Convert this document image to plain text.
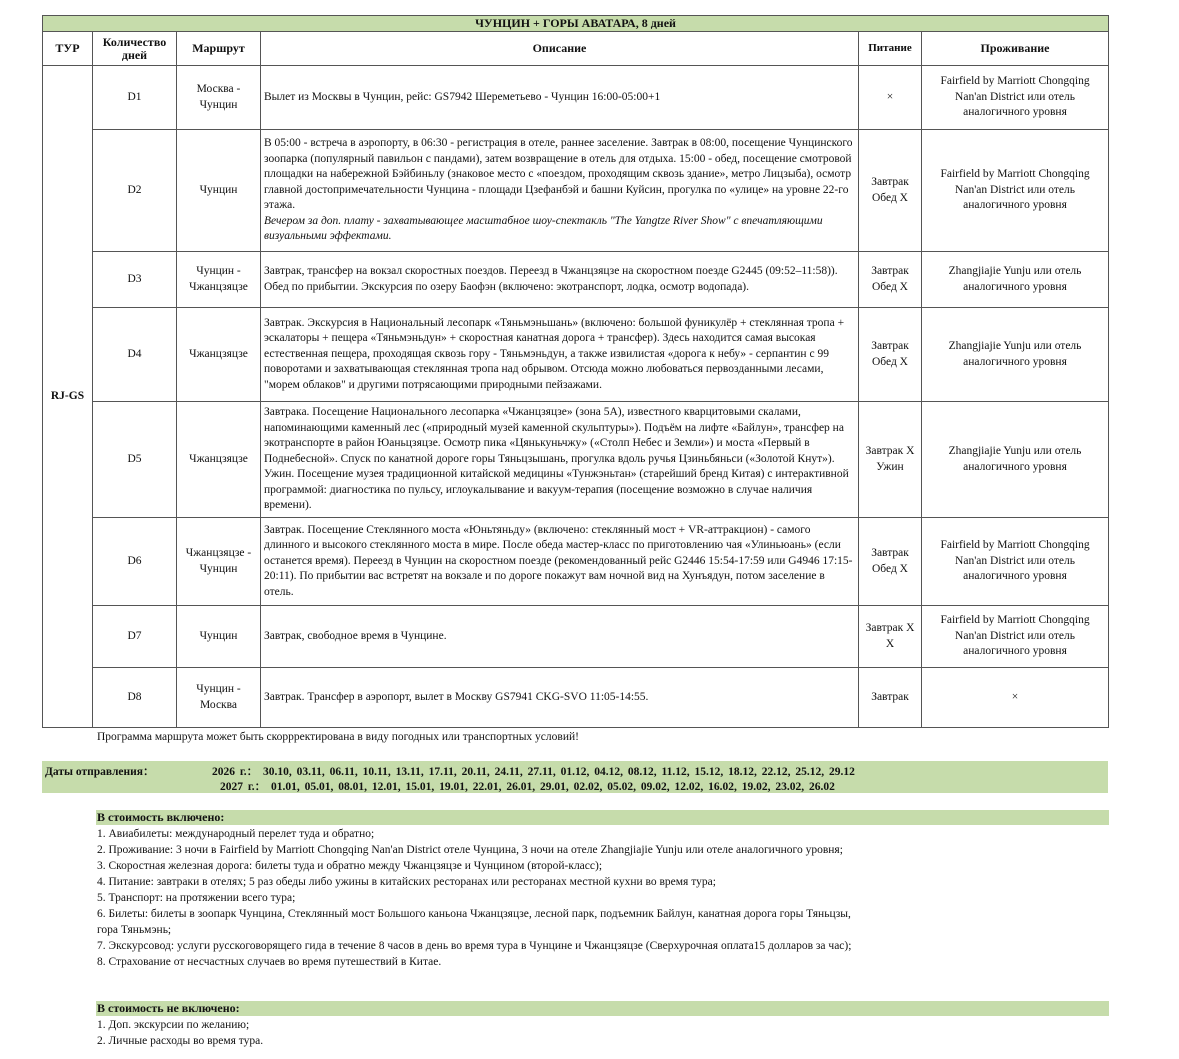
ЧУНЦИН + ГОРЫ АВАТАРА, 8 дней					
ТУР	Количество дней	Маршрут	Описание	Питание	Проживание
RJ-GS	D1	Москва - Чунцин	Вылет из Москвы в Чунцин, рейс: GS7942 Шереметьево - Чунцин 16:00-05:00+1	×	Fairfield by Marriott Chongqing Nan'an District или отель аналогичного уровня
	D2	Чунцин	В 05:00 - встреча в аэропорту, в 06:30 - регистрация в отеле, раннее заселение. Завтрак в 08:00, посещение Чунцинского зоопарка (популярный павильон с пандами), затем возвращение в отель для отдыха. 15:00 - обед, посещение смотровой площадки на набережной Бэйбиньлу (знаковое место с «поездом, проходящим сквозь здание», метро Лицзыба), осмотр главной достопримечательности Чунцина - площади Цзефанбэй и башни Куйсин, прогулка по «улице» на уровне 22-го этажа.
Вечером за доп. плату - захватывающее масштабное шоу-спектакль "The Yangtze River Show" с впечатляющими визуальными эффектами.	Завтрак Обед X	Fairfield by Marriott Chongqing Nan'an District или отель аналогичного уровня
	D3	Чунцин - Чжанцзяцзе	Завтрак, трансфер на вокзал скоростных поездов. Переезд в Чжанцзяцзе на скоростном поезде G2445 (09:52–11:58)). Обед по прибытии. Экскурсия по озеру Баофэн (включено: экотранспорт, лодка, осмотр водопада).	Завтрак Обед X	Zhangjiajie Yunju или отель аналогичного уровня
	D4	Чжанцзяцзе	Завтрак. Экскурсия в Национальный лесопарк «Тяньмэньшань» (включено: большой фуникулёр + стеклянная тропа + эскалаторы + пещера «Тяньмэньдун» + скоростная канатная дорога + трансфер). Здесь находится самая высокая естественная пещера, проходящая сквозь гору - Тяньмэньдун, а также извилистая «дорога к небу» - серпантин с 99 поворотами и захватывающая стеклянная тропа над обрывом. Отсюда можно любоваться первозданными лесами, "морем облаков" и другими потрясающими природными пейзажами.	Завтрак Обед X	Zhangjiajie Yunju или отель аналогичного уровня
	D5	Чжанцзяцзе	Завтрака. Посещение Национального лесопарка «Чжанцзяцзе» (зона 5А), известного кварцитовыми скалами, напоминающими каменный лес («природный музей каменной скульптуры»). Подъём на лифте «Байлун», трансфер на экотранспорте в район Юаньцзяцзе. Осмотр пика «Цянькуньчжу» («Столп Небес и Земли») и моста «Первый в Поднебесной». Спуск по канатной дороге горы Тяньцзышань, прогулка вдоль ручья Цзиньбяньси («Золотой Кнут»). Ужин. Посещение музея традиционной китайской медицины «Тунжэньтан» (старейший бренд Китая) с интерактивной программой: диагностика по пульсу, иглоукалывание и вакуум-терапия (посещение возможно в случае наличия времени).	Завтрак X Ужин	Zhangjiajie Yunju или отель аналогичного уровня
	D6	Чжанцзяцзе - Чунцин	Завтрак. Посещение Стеклянного моста «Юньтяньду» (включено: стеклянный мост + VR-аттракцион) - самого длинного и высокого стеклянного моста в мире. После обеда мастер-класс по приготовлению чая «Улиньюань» (если останется время). Переезд в Чунцин на скоростном поезде (рекомендованный рейс G2446 15:54-17:59 или G4946 17:15-20:11). По прибытии вас встретят на вокзале и по дороге покажут вам ночной вид на Хунъядун, потом заселение в отель.	Завтрак Обед X	Fairfield by Marriott Chongqing Nan'an District или отель аналогичного уровня
	D7	Чунцин	Завтрак, свободное время в Чунцине.	Завтрак X X	Fairfield by Marriott Chongqing Nan'an District или отель аналогичного уровня
	D8	Чунцин - Москва	Завтрак. Трансфер в аэропорт, вылет в Москву GS7941 CKG-SVO 11:05-14:55.	Завтрак	×
Программа маршрута может быть скоррректирована в виду погодных или транспортных условий!
Даты отправления：	2026 г.： 30.10, 03.11, 06.11, 10.11, 13.11, 17.11, 20.11, 24.11, 27.11, 01.12, 04.12, 08.12, 11.12, 15.12, 18.12, 22.12, 25.12, 29.12
2027 г.： 01.01, 05.01, 08.01, 12.01, 15.01, 19.01, 22.01, 26.01, 29.01, 02.02, 05.02, 09.02, 12.02, 16.02, 19.02, 23.02, 26.02
В стоимость включено:
1. Авиабилеты: международный перелет туда и обратно;
2. Проживание: 3 ночи в Fairfield by Marriott Chongqing Nan'an District отеле Чунцина, 3 ночи на отеле Zhangjiajie Yunju или отеле аналогичного уровня;
3. Скоростная железная дорога: билеты туда и обратно между Чжанцзяцзе и Чунцином (второй-класс);
4. Питание: завтраки в отелях; 5 раз обеды либо ужины в китайских ресторанах или ресторанах местной кухни во время тура;
5. Транспорт: на протяжении всего тура;
6. Билеты: билеты в зоопарк Чунцина, Стеклянный мост Большого каньона Чжанцзяцзе, лесной парк, подъемник Байлун, канатная дорога горы Тяньцзы, гора Тяньмэнь;
7. Экскурсовод: услуги русскоговорящего гида в течение 8 часов в день во время тура в Чунцине и Чжанцзяцзе (Сверхурочная оплата15 долларов за час);
8. Страхование от несчастных случаев во время путешествий в Китае.
В стоимость не включено:
1. Доп. экскурсии по желанию;
2. Личные расходы во время тура.
